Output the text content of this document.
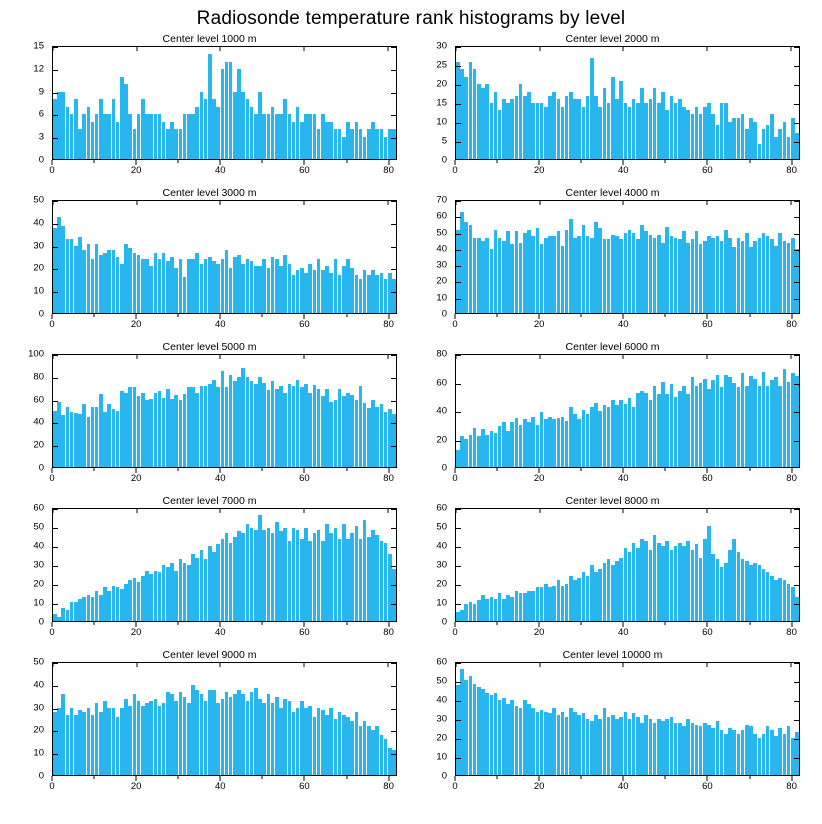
Radiosonde temperature rank histograms by level
Center level 1000 m
0
3
6
9
12
15
0	20	40	60	80
Center level 2000 m
0
5
10
15
20
25
30
0	20	40	60	80
Center level 3000 m
0
10
20
30
40
50
0	20	40	60	80
Center level 4000 m
0
10
20
30
40
50
60
70
0	20	40	60	80
Center level 5000 m
0
20
40
60
80
100
0	20	40	60	80
Center level 6000 m
0
20
40
60
80
0	20	40	60	80
Center level 7000 m
0
10
20
30
40
50
60
0	20	40	60	80
Center level 8000 m
0
10
20
30
40
50
60
0	20	40	60	80
Center level 9000 m
0
10
20
30
40
50
0	20	40	60	80
Center level 10000 m
0
10
20
30
40
50
60
0	20	40	60	80
